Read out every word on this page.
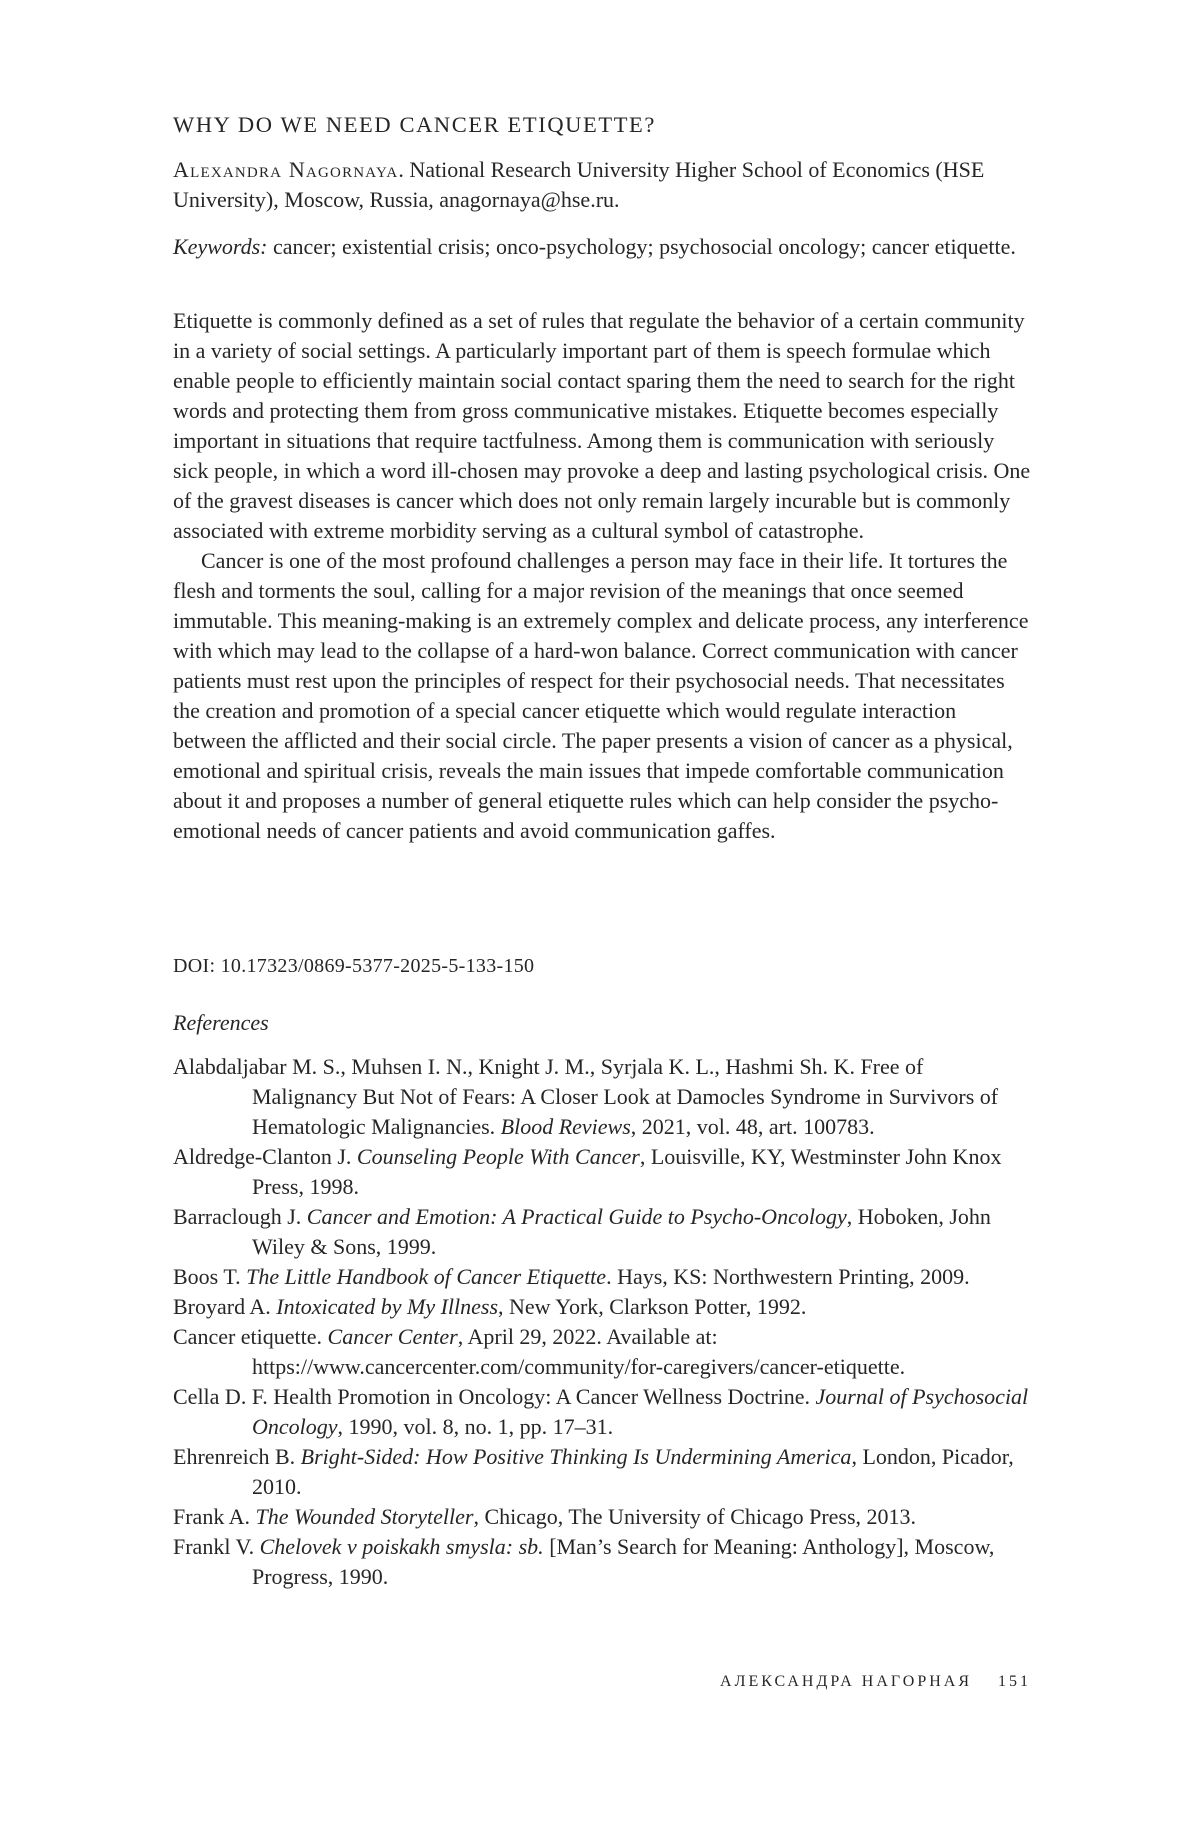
WHY DO WE NEED CANCER ETIQUETTE?
Alexandra Nagornaya. National Research University Higher School of Economics (HSE University), Moscow, Russia, anagornaya@hse.ru.
Keywords: cancer; existential crisis; onco-psychology; psychosocial oncology; cancer etiquette.

Etiquette is commonly defined as a set of rules that regulate the behavior of a certain community in a variety of social settings. A particularly important part of them is speech formulae which enable people to efficiently maintain social contact sparing them the need to search for the right words and protecting them from gross communicative mistakes. Etiquette becomes especially important in situations that require tactfulness. Among them is communication with seriously sick people, in which a word ill-chosen may provoke a deep and lasting psychological crisis. One of the gravest diseases is cancer which does not only remain largely incurable but is commonly associated with extreme morbidity serving as a cultural symbol of catastrophe.

Cancer is one of the most profound challenges a person may face in their life. It tortures the flesh and torments the soul, calling for a major revision of the meanings that once seemed immutable. This meaning-making is an extremely complex and delicate process, any interference with which may lead to the collapse of a hard-won balance. Correct communication with cancer patients must rest upon the principles of respect for their psychosocial needs. That necessitates the creation and promotion of a special cancer etiquette which would regulate interaction between the afflicted and their social circle. The paper presents a vision of cancer as a physical, emotional and spiritual crisis, reveals the main issues that impede comfortable communication about it and proposes a number of general etiquette rules which can help consider the psycho-emotional needs of cancer patients and avoid communication gaffes.

DOI: 10.17323/0869-5377-2025-5-133-150
References
Alabdaljabar M. S., Muhsen I. N., Knight J. M., Syrjala K. L., Hashmi Sh. K. Free of Malignancy But Not of Fears: A Closer Look at Damocles Syndrome in Survivors of Hematologic Malignancies. Blood Reviews, 2021, vol. 48, art. 100783.
Aldredge-Clanton J. Counseling People With Cancer, Louisville, KY, Westminster John Knox Press, 1998.
Barraclough J. Cancer and Emotion: A Practical Guide to Psycho-Oncology, Hoboken, John Wiley & Sons, 1999.
Boos T. The Little Handbook of Cancer Etiquette. Hays, KS: Northwestern Printing, 2009.
Broyard A. Intoxicated by My Illness, New York, Clarkson Potter, 1992.
Cancer etiquette. Cancer Center, April 29, 2022. Available at: https://www.cancercenter.com/community/for-caregivers/cancer-etiquette.
Cella D. F. Health Promotion in Oncology: A Cancer Wellness Doctrine. Journal of Psychosocial Oncology, 1990, vol. 8, no. 1, pp. 17–31.
Ehrenreich B. Bright-Sided: How Positive Thinking Is Undermining America, London, Picador, 2010.
Frank A. The Wounded Storyteller, Chicago, The University of Chicago Press, 2013.
Frankl V. Chelovek v poiskakh smysla: sb. [Man’s Search for Meaning: Anthology], Moscow, Progress, 1990.
АЛЕКСАНДРА НАГОРНАЯ 151
